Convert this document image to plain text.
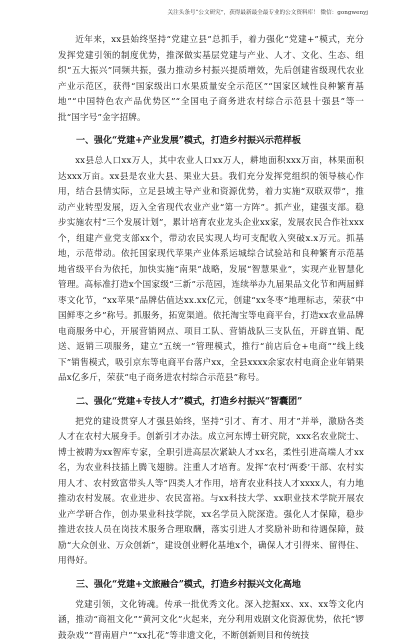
关注头条号“公文研究”，获得最新最全最专业的公文资料库！ 微信：gongwenyj

近年来，xx县始终坚持“党建立县”总抓手，着力强化“党建+”模式，充分发挥党建引领的制度优势，推深做实基层党建与产业、人才、文化、生态、组织“五大振兴”同频共振，强力推动乡村振兴提质增效，先后创建省级现代农业产业示范区，获得“国家级出口水果质量安全示范区”“国家区域性良种繁育基地”“中国特色农产品优势区”“全国电子商务进农村综合示范县十强县”等一批“国字号”金字招牌。

一、强化“党建+产业发展”模式，打造乡村振兴示范样板

xx县总人口xx万人，其中农业人口xx万人，耕地面积xxx万亩，林果面积达xxx万亩。xx县是农业大县、果业大县。我们充分发挥党组织的领导核心作用，结合县情实际，立足县域主导产业和资源优势，着力实施“双联双带”，推动产业转型发展，迈入全省现代农业产业“第一方阵”。抓产业，建强支部。稳步实施农村“三个发展计划”，累计培育农业龙头企业xx家，发展农民合作社xxx个，组建产业党支部xx个，带动农民实现人均可支配收入突破x.x万元。抓基地，示范带动。依托国家现代苹果产业体系运城综合试验站和良种繁育示范基地省级平台为依托，加快实施“南果”战略，发展“智慧果业”，实现产业智慧化管理。高标准打造x个国家级“三新”示范园，连续举办九届果品文化节和两届鲜枣文化节，“xx苹果”品牌估值达xx.xx亿元，创建“xx冬枣”地理标志，荣获“中国鲜枣之乡”称号。抓服务，拓宽渠道。依托淘宝等电商平台，打造xx农业品牌电商服务中心，开展营销网点、项目工队、营销战队三支队伍，开辟直销、配送、返销三项服务，建立“五统一”管理模式，推行“前店后仓+电商”“线上线下”销售模式，吸引京东等电商平台落户xx，全县xxxx余家农村电商企业年销果品x亿多斤，荣获“电子商务进农村综合示范县”称号。

二、强化“党建+专技人才”模式，打造乡村振兴“智囊团”

把党的建设贯穿人才强县始终，坚持“引才、育才、用才”并举，激励各类人才在农村大展身手。创新引才办法。成立河东博士研究院，xxx名农业院士、博士被聘为xx智库专家，全职引进高层次紧缺人才xx名，柔性引进高端人才xx名，为农业科技插上腾飞翅膀。注重人才培育。发挥“农村‘两委’干部、农村实用人才、农村致富带头人等”四类人才作用，培育农业科技人才xxxx人，有力地推动农村发展。农业进步、农民富裕。与xx科技大学、xx职业技术学院开展农业产学研合作，创办果业科技学院，xx名学员入院深造。强化人才保障，稳步推进农技人员在岗技术服务合理取酬，落实引进人才奖励补助和待遇保障，鼓励“大众创业、万众创新”，建设创业孵化基地x个，确保人才引得来、留得住、用得好。

三、强化“党建+文旅融合”模式，打造乡村振兴文化高地

党建引领，文化铸魂。传承一批优秀文化。深入挖掘xx、xx、xx等文化内涵，推动“商祖文化”“黄河文化”火起来，充分利用戏剧文化资源优势，依托“锣鼓杂戏”“晋南眉户”“xx扎花”等非遗文化，不断创新则目和传统技
